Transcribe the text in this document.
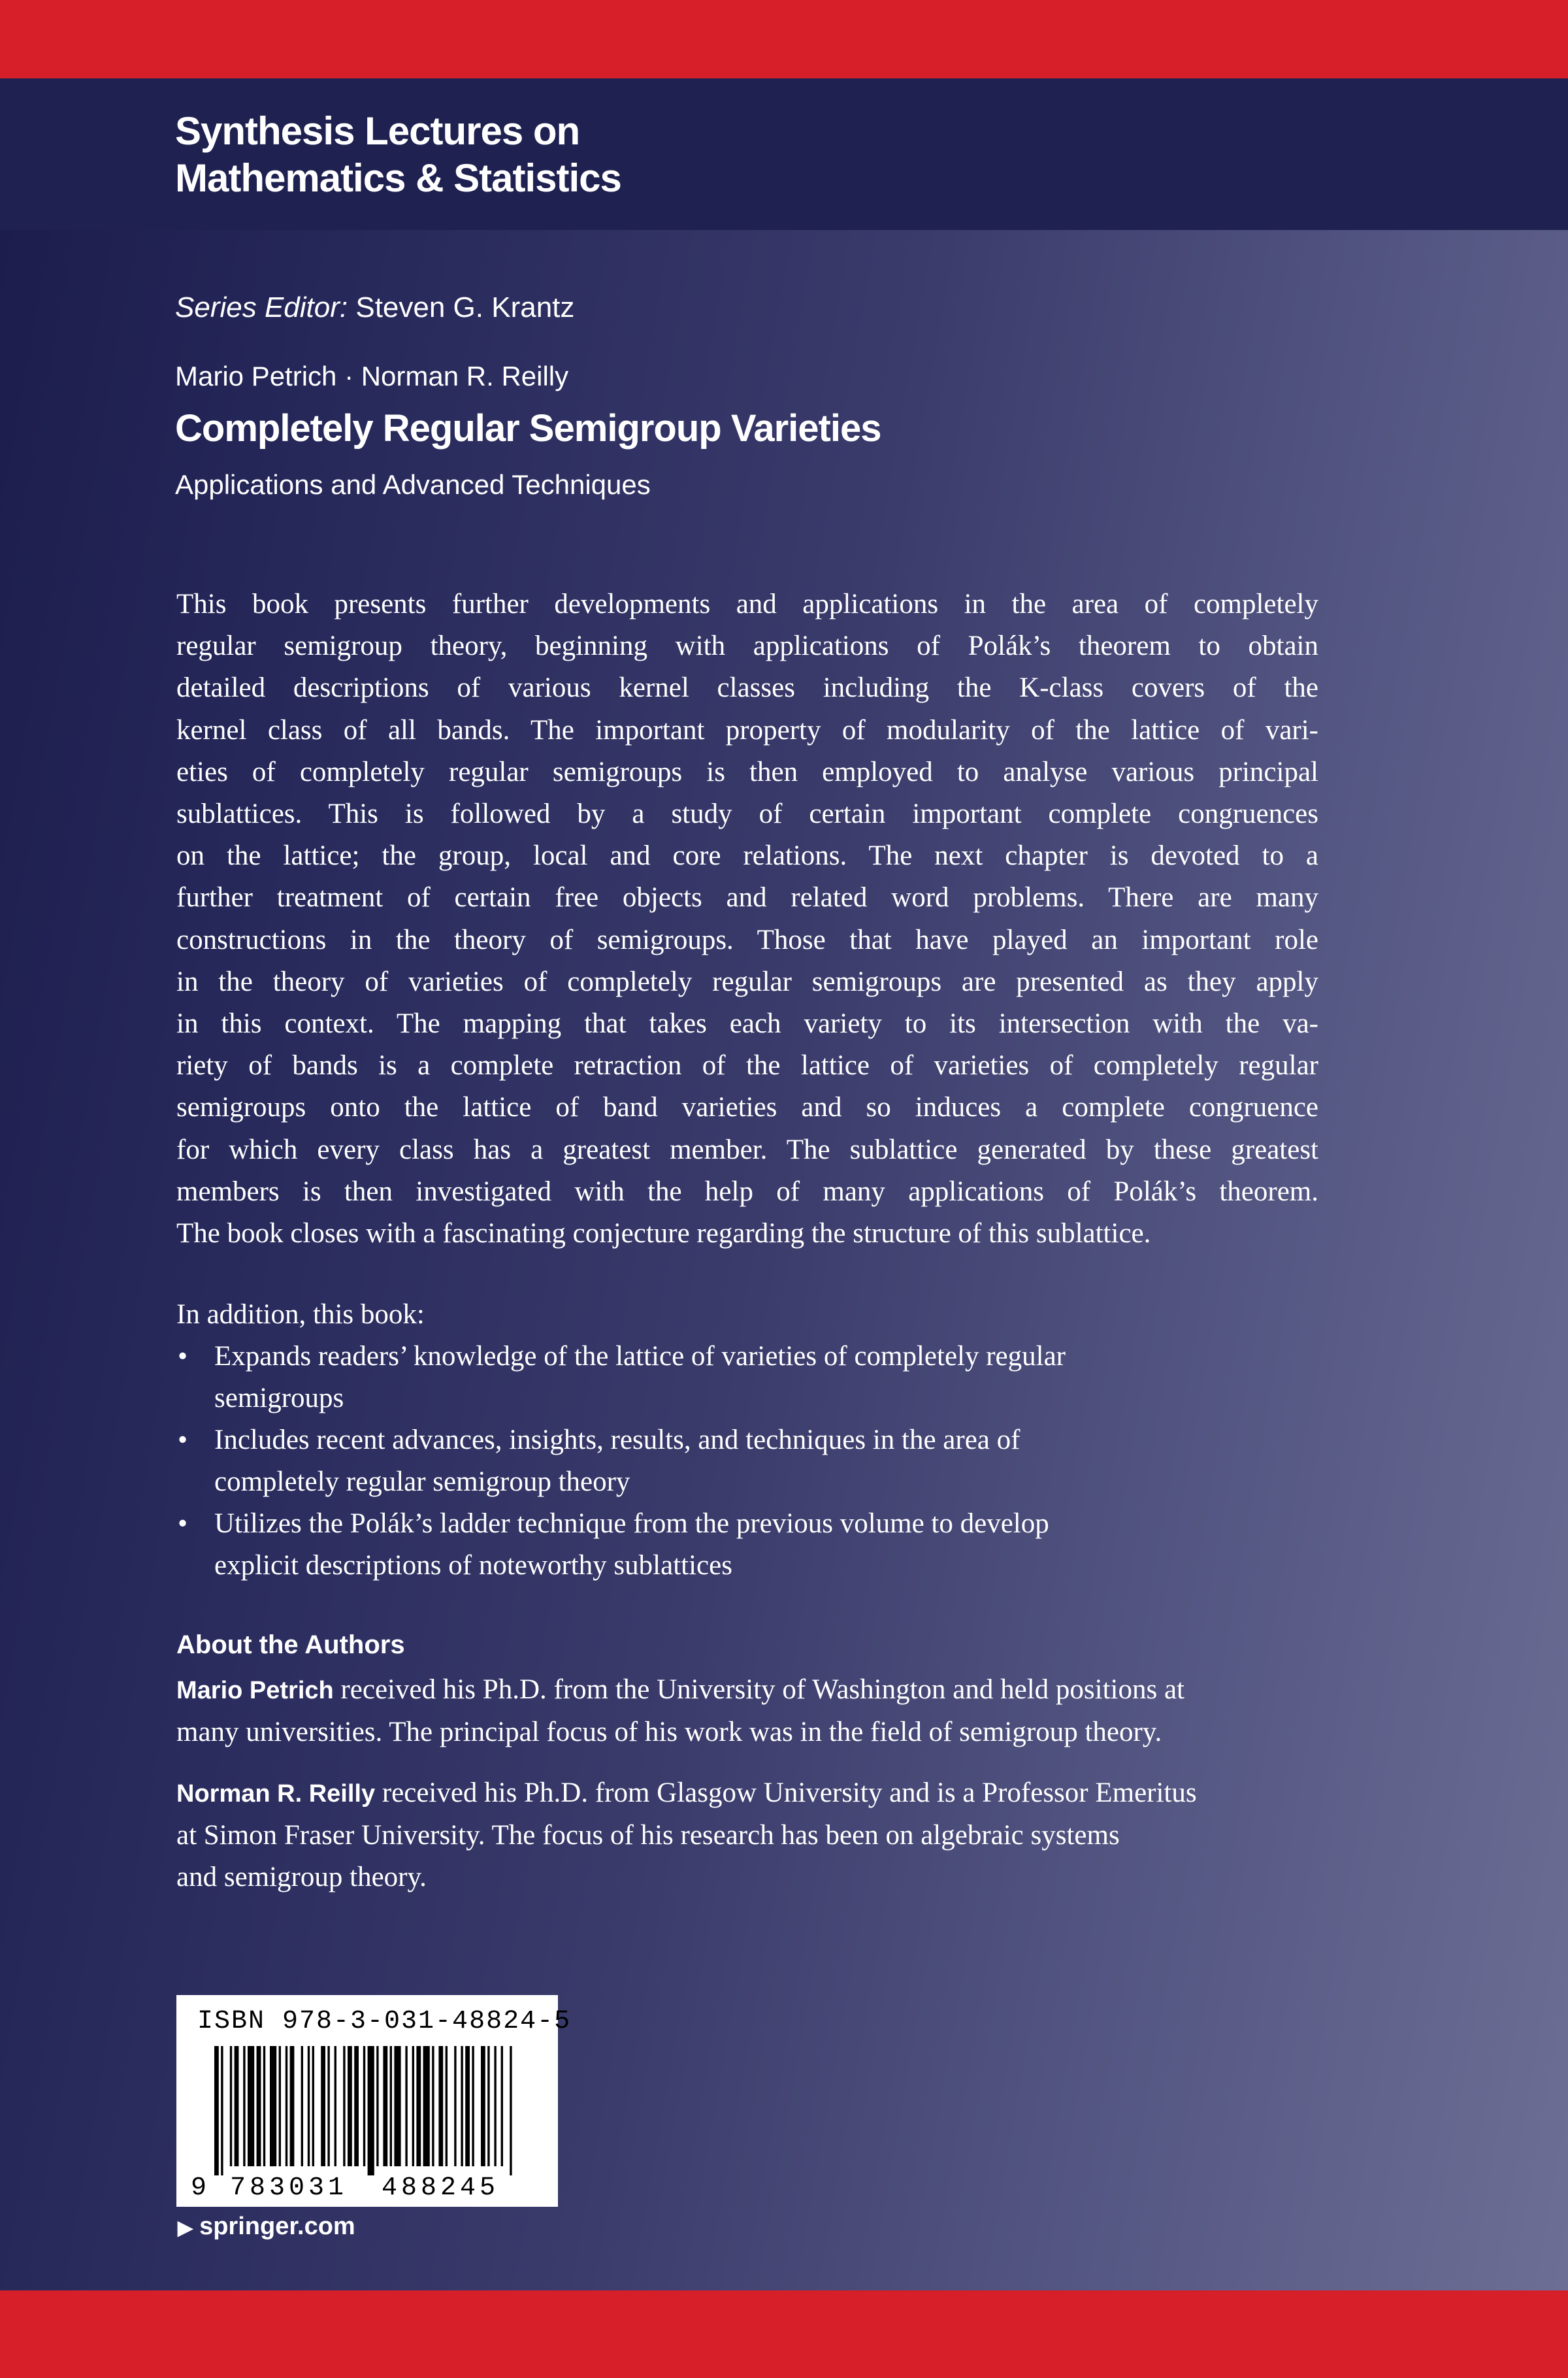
Synthesis Lectures on
Mathematics & Statistics
Series Editor: Steven G. Krantz
Mario Petrich · Norman R. Reilly
Completely Regular Semigroup Varieties
Applications and Advanced Techniques
This book presents further developments and applications in the area of completely
regular semigroup theory, beginning with applications of Polák’s theorem to obtain
detailed descriptions of various kernel classes including the K-class covers of the
kernel class of all bands. The important property of modularity of the lattice of vari-
eties of completely regular semigroups is then employed to analyse various principal
sublattices. This is followed by a study of certain important complete congruences
on the lattice; the group, local and core relations. The next chapter is devoted to a
further treatment of certain free objects and related word problems. There are many
constructions in the theory of semigroups. Those that have played an important role
in the theory of varieties of completely regular semigroups are presented as they apply
in this context. The mapping that takes each variety to its intersection with the va-
riety of bands is a complete retraction of the lattice of varieties of completely regular
semigroups onto the lattice of band varieties and so induces a complete congruence
for which every class has a greatest member. The sublattice generated by these greatest
members is then investigated with the help of many applications of Polák’s theorem.
The book closes with a fascinating conjecture regarding the structure of this sublattice.
In addition, this book:
• Expands readers’ knowledge of the lattice of varieties of completely regular
semigroups
• Includes recent advances, insights, results, and techniques in the area of
completely regular semigroup theory
• Utilizes the Polák’s ladder technique from the previous volume to develop
explicit descriptions of noteworthy sublattices
About the Authors
Mario Petrich received his Ph.D. from the University of Washington and held positions at
many universities. The principal focus of his work was in the field of semigroup theory.
Norman R. Reilly received his Ph.D. from Glasgow University and is a Professor Emeritus
at Simon Fraser University. The focus of his research has been on algebraic systems
and semigroup theory.
9 783031 488245
ISBN 978-3-031-48824-5
▶ springer.com
